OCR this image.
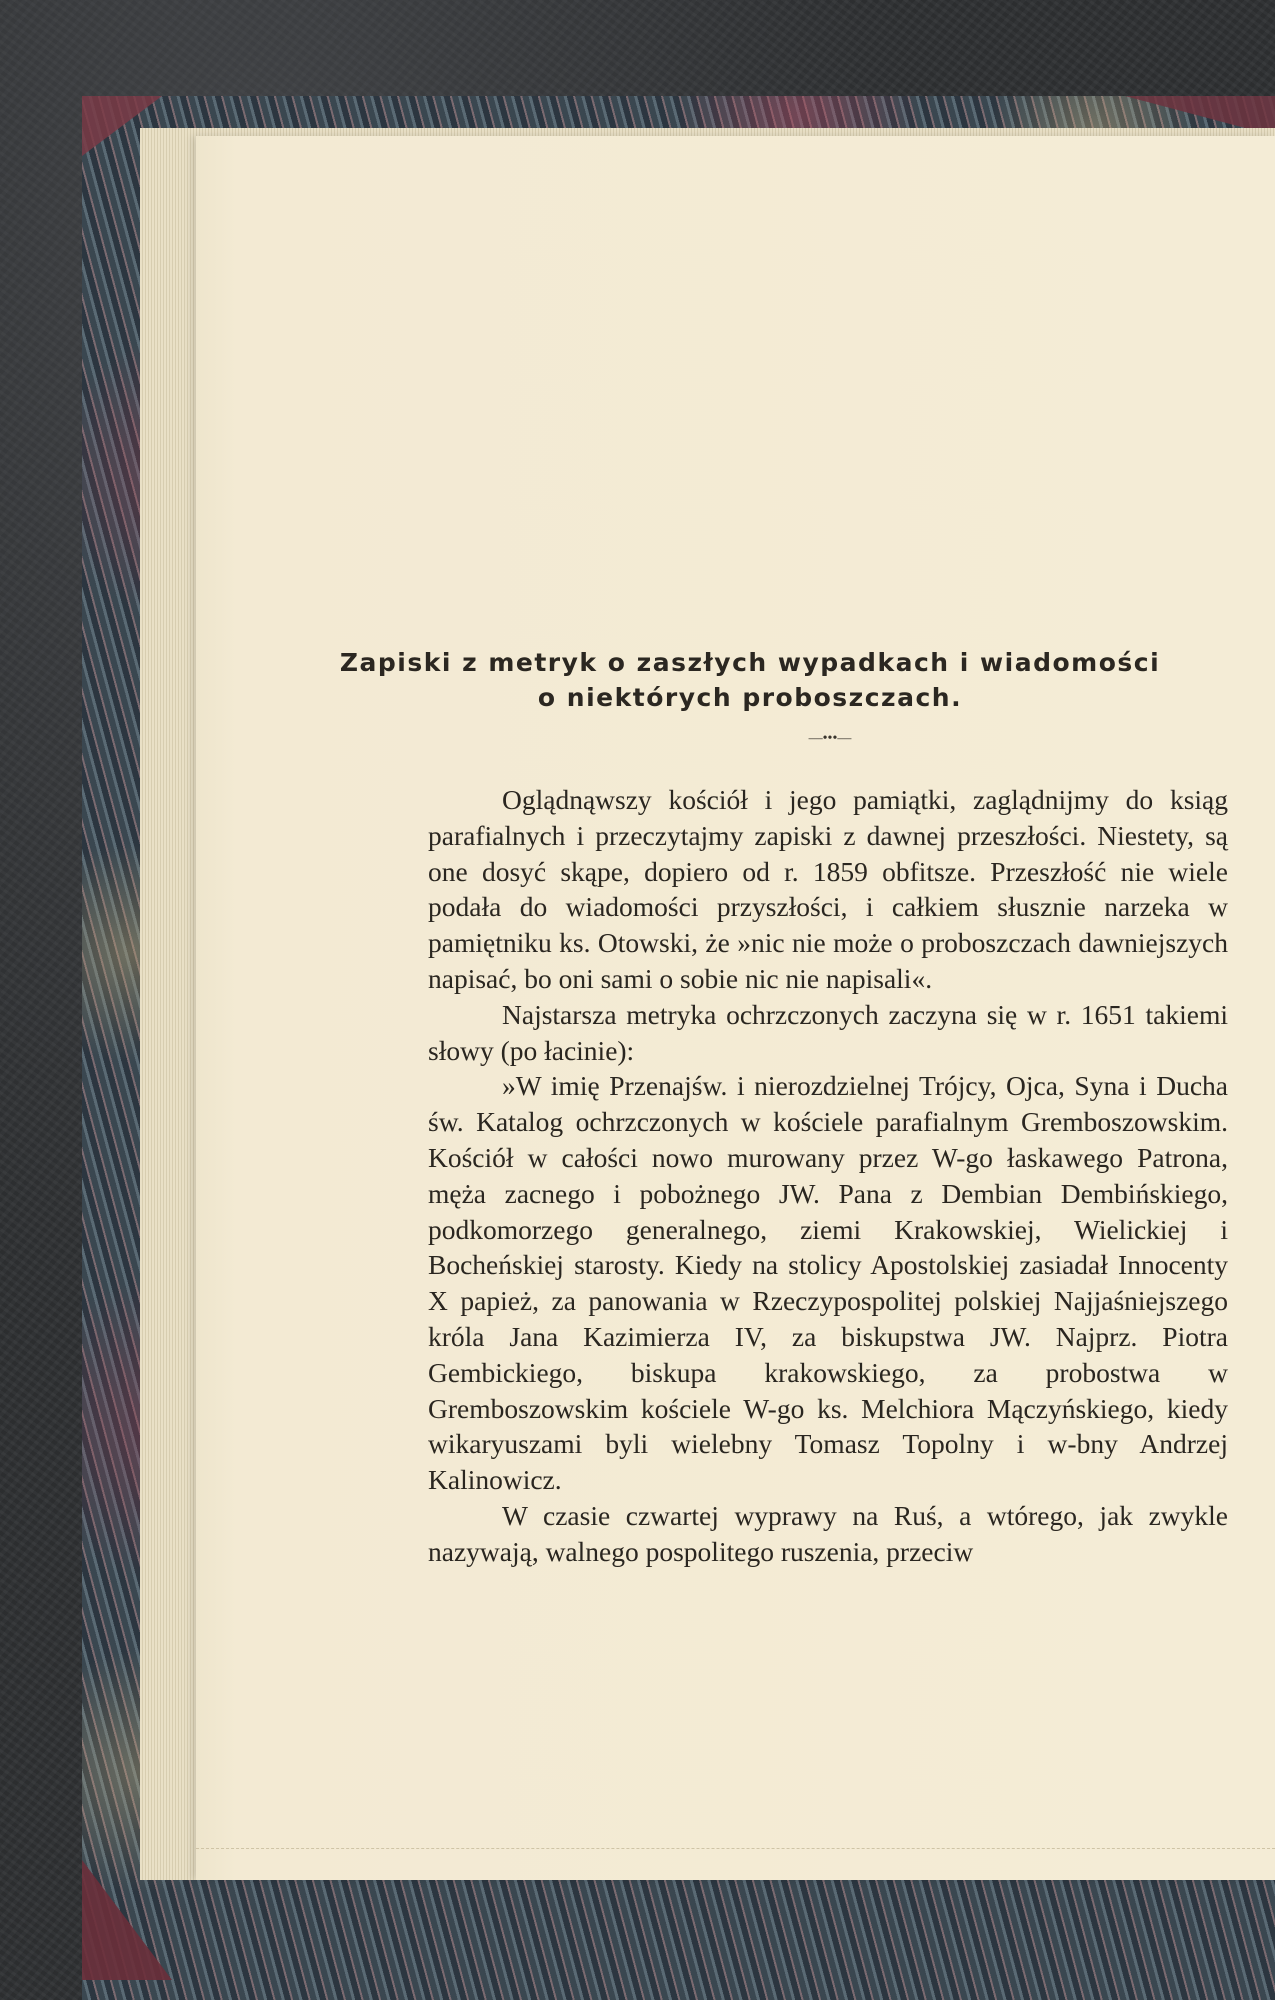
Zapiski z metryk o zaszłych wypadkach i wiadomości
o niektórych proboszczach.
—•••—

Oglądnąwszy kościół i jego pamiątki, zaglądnijmy do ksiąg parafialnych i przeczytajmy zapiski z dawnej przeszłości. Niestety, są one dosyć skąpe, dopiero od r. 1859 obfitsze. Przeszłość nie wiele podała do wiadomości przyszłości, i całkiem słusznie narzeka w pamiętniku ks. Otowski, że »nic nie może o proboszczach dawniejszych napisać, bo oni sami o sobie nic nie napisali«.

Najstarsza metryka ochrzczonych zaczyna się w r. 1651 takiemi słowy (po łacinie):

»W imię Przenajśw. i nierozdzielnej Trójcy, Ojca, Syna i Ducha św. Katalog ochrzczonych w kościele parafialnym Gremboszowskim. Kościół w całości nowo murowany przez W-go łaskawego Patrona, męża zacnego i pobożnego JW. Pana z Dembian Dembińskiego, podkomorzego generalnego, ziemi Krakowskiej, Wielickiej i Bocheńskiej starosty. Kiedy na stolicy Apostolskiej zasiadał Innocenty X papież, za panowania w Rzeczypospolitej polskiej Najjaśniejszego króla Jana Kazimierza IV, za biskupstwa JW. Najprz. Piotra Gembickiego, biskupa krakowskiego, za probostwa w Gremboszowskim kościele W-go ks. Melchiora Mączyńskiego, kiedy wikaryuszami byli wielebny Tomasz Topolny i w-bny Andrzej Kalinowicz.

W czasie czwartej wyprawy na Ruś, a wtórego, jak zwykle nazywają, walnego pospolitego ruszenia, przeciw
